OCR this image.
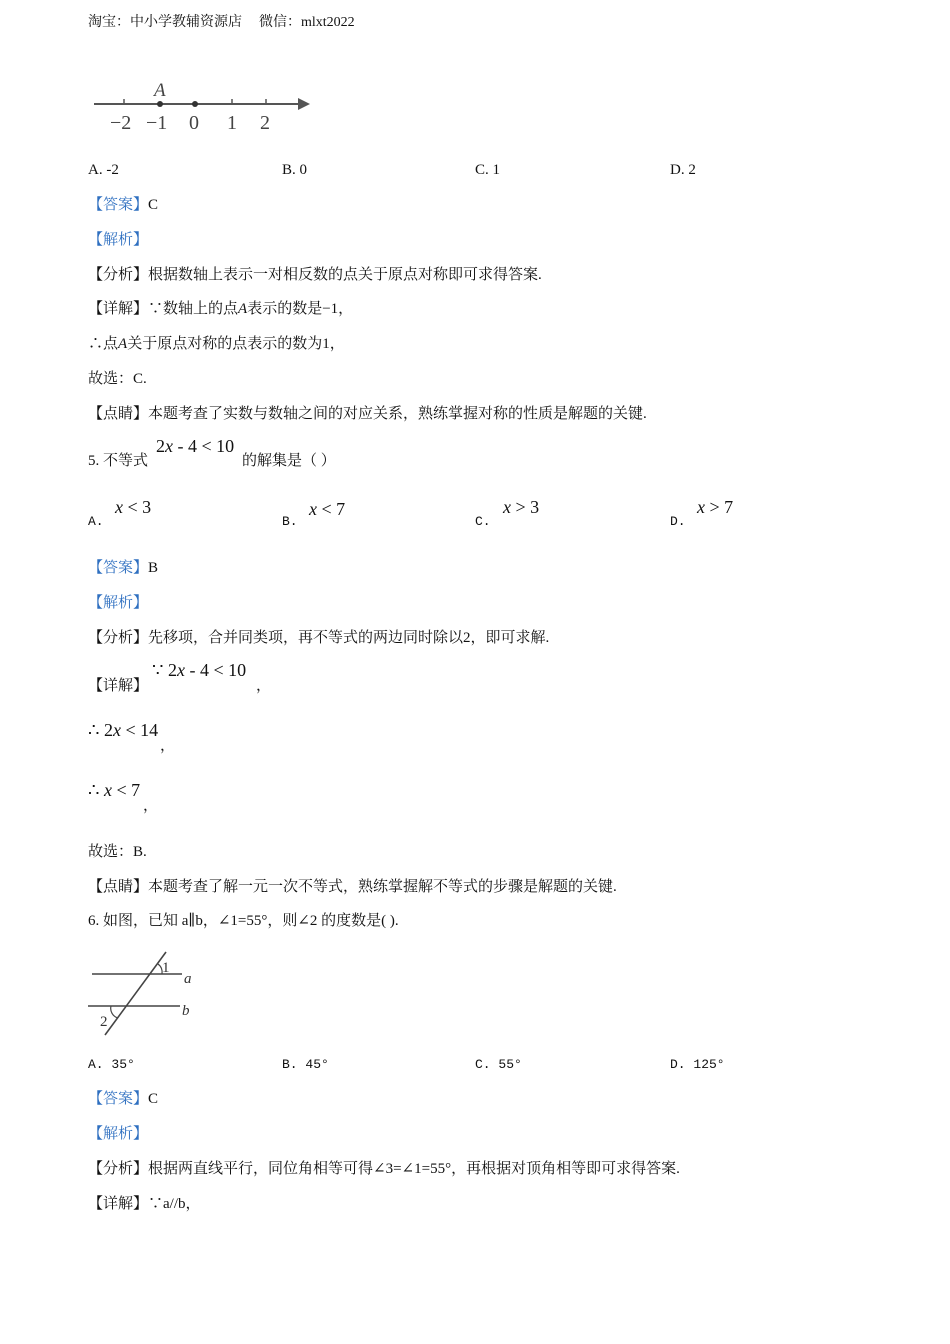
淘宝：中小学教辅资源店 微信：mlxt2022
A
−2 −1 0 1 2
A. -2	B. 0	C. 1	D. 2
【答案】C
【解析】
【分析】根据数轴上表示一对相反数的点关于原点对称即可求得答案.
【详解】∵数轴上的点A表示的数是−1，
∴点A关于原点对称的点表示的数为1，
故选：C.
【点睛】本题考查了实数与数轴之间的对应关系，熟练掌握对称的性质是解题的关键.
5. 不等式
2x - 4 < 10
的解集是（ ）
A.
x < 3
B.
x < 7
C.
x > 3
D.
x > 7
【答案】B
【解析】
【分析】先移项，合并同类项，再不等式的两边同时除以2，即可求解.
【详解】
∵ 2x - 4 < 10
，
∴ 2x < 14
，
∴ x < 7
，
故选：B.
【点睛】本题考查了解一元一次不等式，熟练掌握解不等式的步骤是解题的关键.
6. 如图，已知 a∥b，∠1=55°，则∠2 的度数是( ).
1
a
b
2
A. 35°	B. 45°	C. 55°	D. 125°
【答案】C
【解析】
【分析】根据两直线平行，同位角相等可得∠3=∠1=55°，再根据对顶角相等即可求得答案.
【详解】∵a//b，
